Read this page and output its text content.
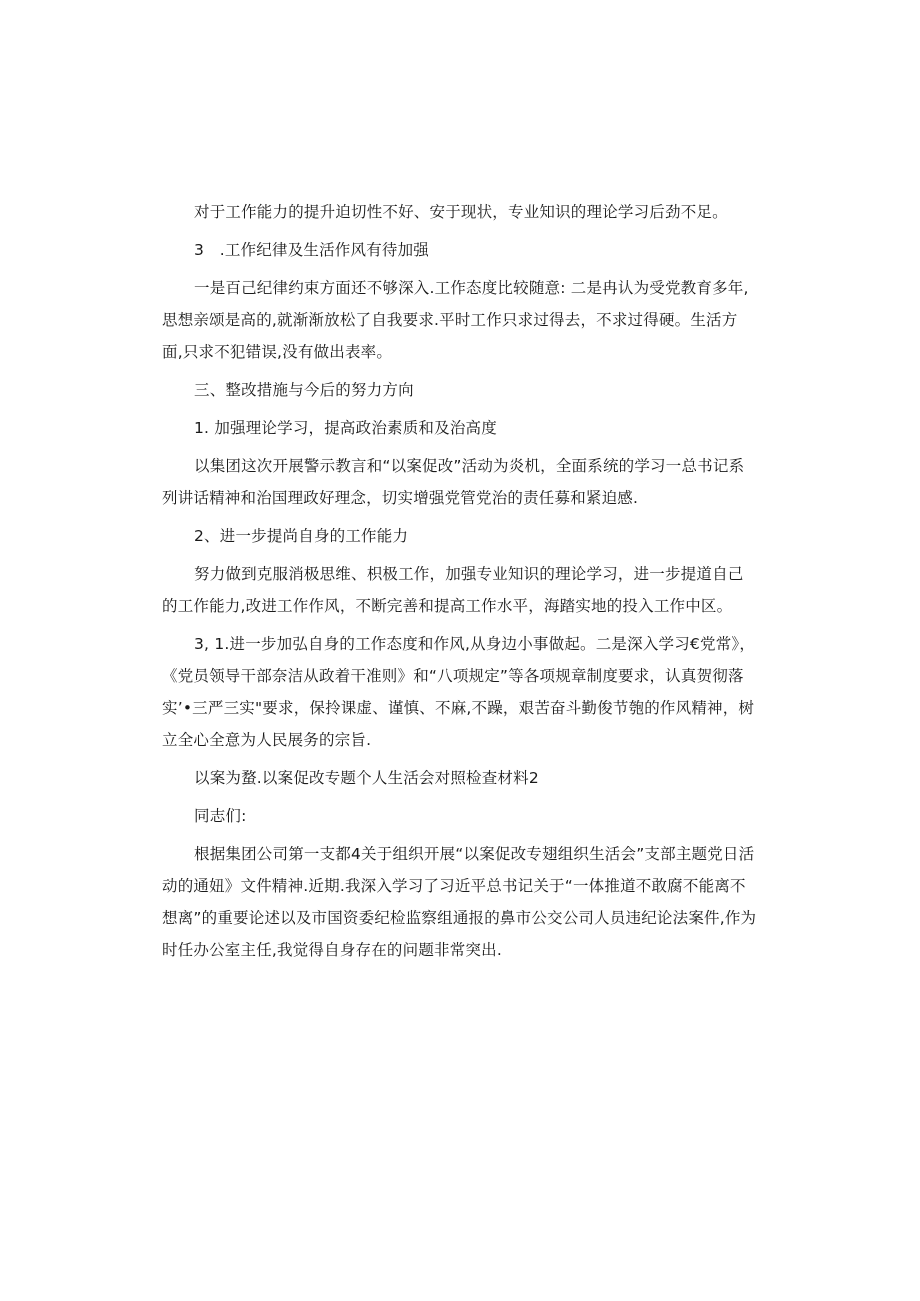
对于工作能力的提升迫切性不好、安于现状，专业知识的理论学习后劲不足。

3　.工作纪律及生活作风有待加强

一是百己纪律约束方面还不够深入.工作态度比较随意: 二是冉认为受党教育多年,思想亲颂是高的,就渐渐放松了自我要求.平时工作只求过得去，不求过得硬。生活方面,只求不犯错误,没有做出表率。

三、整改措施与今后的努力方向

1. 加强理论学习，提高政治素质和及治高度

以集团这次开展警示教言和“以案促改”活动为炎机，全面系统的学习一总书记系列讲话精神和治国理政好理念，切实增强党管党治的责任募和紧迫感.

2、进一步提尚自身的工作能力

努力做到克服消极思维、枳极工作，加强专业知识的理论学习，进一步提道自己的工作能力,改进工作作风，不断完善和提高工作水平，海踏实地的投入工作中区。

3, 1.进一步加弘自身的工作态度和作风,从身边小事做起。二是深入学习€党常》，《党员领导干部奈洁从政着干准则》和“八项规定”等各项规章制度要求，认真贺彻落实’•三严三实"要求，保拎课虚、谨慎、不麻,不躁，艰苦奋斗勤俊节匏的作风精神，树立全心全意为人民展务的宗旨.

以案为蝥.以案促改专题个人生活会对照检查材料2

同志们:

根据集团公司第一支都4关于组织开展“以案促改专翅组织生活会”支部主题党日活动的通妞》文件精神.近期.我深入学习了习近平总书记关于“一体推道不敢腐不能离不想离”的重要论述以及市国资委纪检监察组通报的鼻市公交公司人员违纪论法案件,作为时任办公室主任,我觉得自身存在的问题非常突出.
